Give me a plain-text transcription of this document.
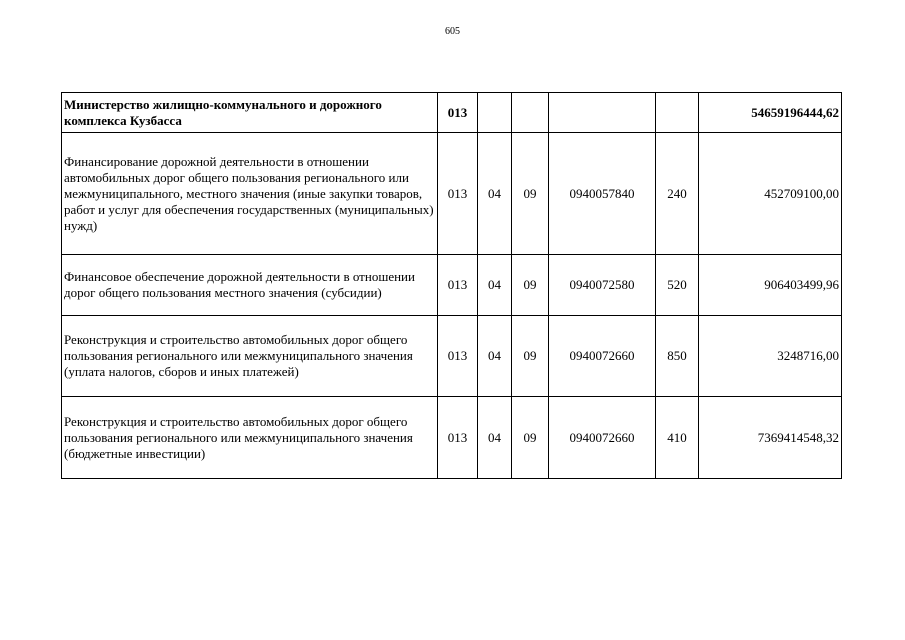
605
Министерство жилищно-коммунального и дорожного комплекса Кузбасса	013					54659196444,62
Финансирование дорожной деятельности в отношении автомобильных дорог общего пользования регионального или межмуниципального, местного значения (иные закупки товаров, работ и услуг для обеспечения государственных (муниципальных) нужд)	013	04	09	0940057840	240	452709100,00
Финансовое обеспечение дорожной деятельности в отношении дорог общего пользования местного значения (субсидии)	013	04	09	0940072580	520	906403499,96
Реконструкция и строительство автомобильных дорог общего пользования регионального или межмуниципального значения (уплата налогов, сборов и иных платежей)	013	04	09	0940072660	850	3248716,00
Реконструкция и строительство автомобильных дорог общего пользования регионального или межмуниципального значения (бюджетные инвестиции)	013	04	09	0940072660	410	7369414548,32
